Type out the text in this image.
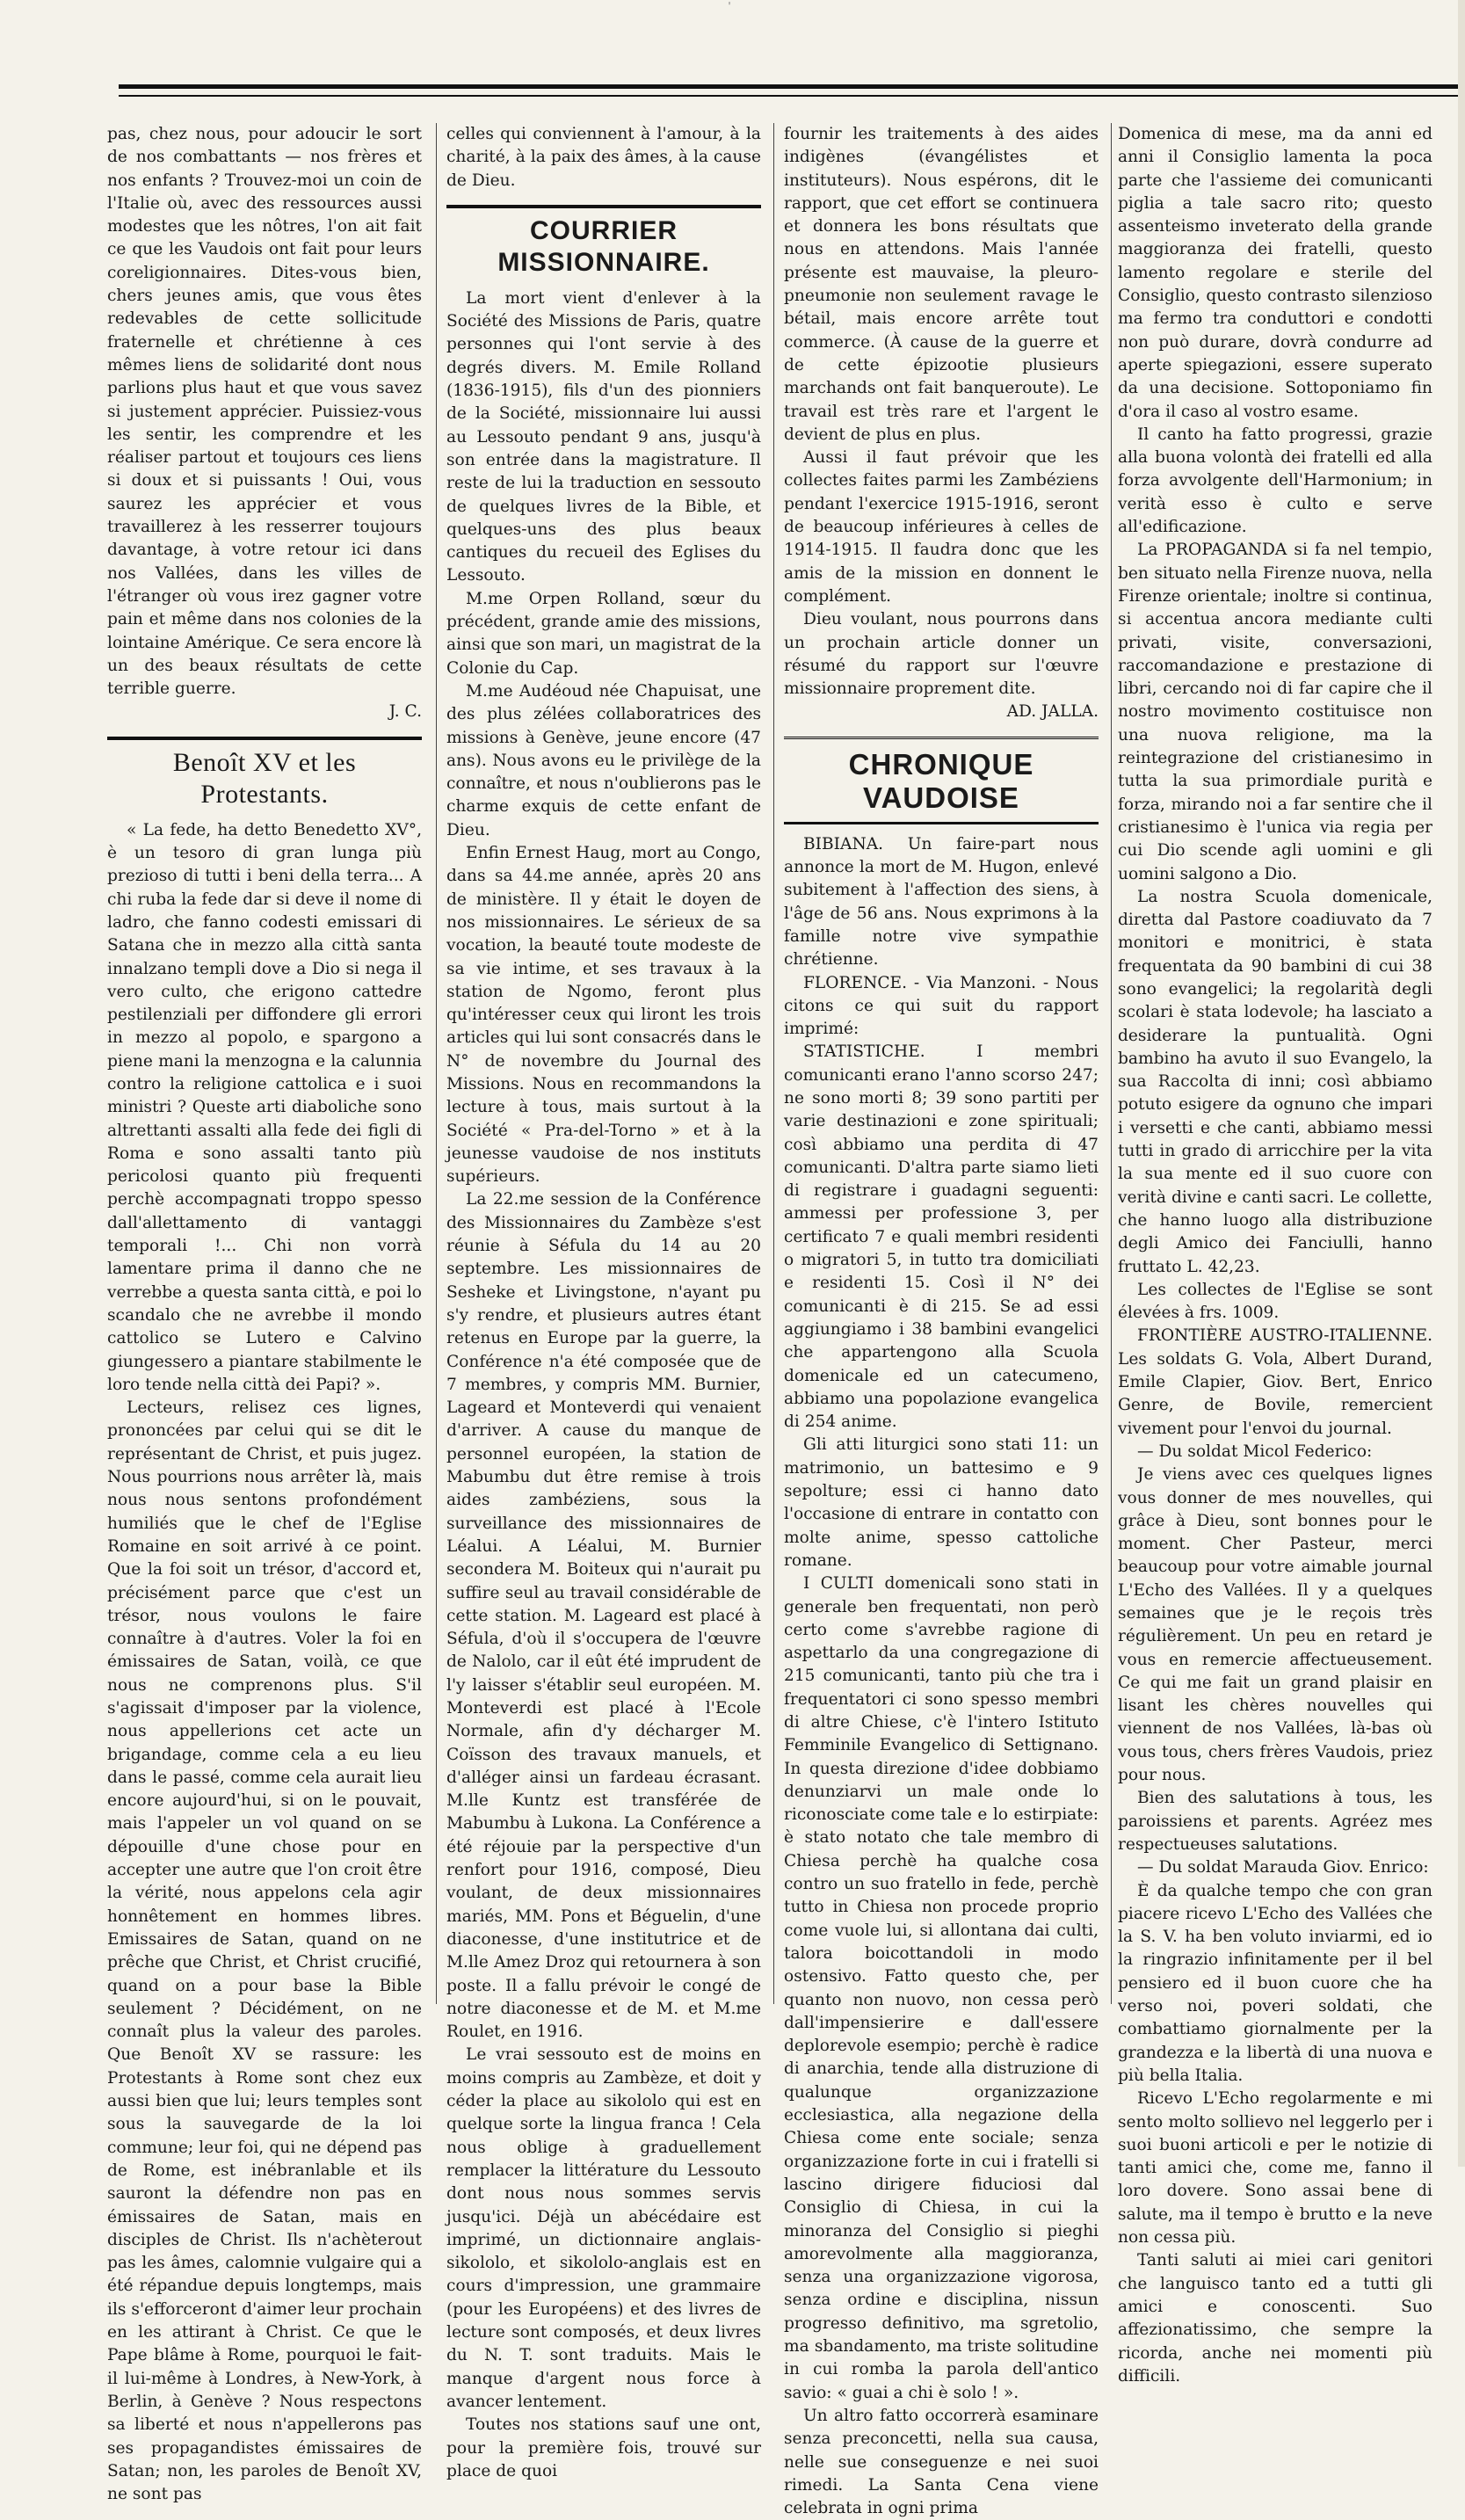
'

pas, chez nous, pour adoucir le sort de nos combattants — nos frères et nos enfants ? Trouvez-moi un coin de l'Italie où, avec des ressources aussi modestes que les nôtres, l'on ait fait ce que les Vaudois ont fait pour leurs coreligionnaires. Dites-vous bien, chers jeunes amis, que vous êtes redevables de cette sollicitude fraternelle et chrétienne à ces mêmes liens de solidarité dont nous parlions plus haut et que vous savez si justement apprécier. Puissiez-vous les sentir, les comprendre et les réaliser partout et toujours ces liens si doux et si puissants ! Oui, vous saurez les apprécier et vous travaillerez à les resserrer toujours davantage, à votre retour ici dans nos Vallées, dans les villes de l'étranger où vous irez gagner votre pain et même dans nos colonies de la lointaine Amérique. Ce sera encore là un des beaux résultats de cette terrible guerre.

J. C.

Benoît XV et les Protestants.

« La fede, ha detto Benedetto XV°, è un tesoro di gran lunga più prezioso di tutti i beni della terra... A chi ruba la fede dar si deve il nome di ladro, che fanno codesti emissari di Satana che in mezzo alla città santa innalzano templi dove a Dio si nega il vero culto, che erigono cattedre pestilenziali per diffondere gli errori in mezzo al popolo, e spargono a piene mani la menzogna e la calunnia contro la religione cattolica e i suoi ministri ? Queste arti diaboliche sono altrettanti assalti alla fede dei figli di Roma e sono assalti tanto più pericolosi quanto più frequenti perchè accompagnati troppo spesso dall'allettamento di vantaggi temporali !... Chi non vorrà lamentare prima il danno che ne verrebbe a questa santa città, e poi lo scandalo che ne avrebbe il mondo cattolico se Lutero e Calvino giungessero a piantare stabilmente le loro tende nella città dei Papi? ».

Lecteurs, relisez ces lignes, prononcées par celui qui se dit le représentant de Christ, et puis jugez. Nous pourrions nous arrêter là, mais nous nous sentons profondément humiliés que le chef de l'Eglise Romaine en soit arrivé à ce point. Que la foi soit un trésor, d'accord et, précisément parce que c'est un trésor, nous voulons le faire connaître à d'autres. Voler la foi en émissaires de Satan, voilà, ce que nous ne comprenons plus. S'il s'agissait d'imposer par la violence, nous appellerions cet acte un brigandage, comme cela a eu lieu dans le passé, comme cela aurait lieu encore aujourd'hui, si on le pouvait, mais l'appeler un vol quand on se dépouille d'une chose pour en accepter une autre que l'on croit être la vérité, nous appelons cela agir honnêtement en hommes libres. Emissaires de Satan, quand on ne prêche que Christ, et Christ crucifié, quand on a pour base la Bible seulement ? Décidément, on ne connaît plus la valeur des paroles. Que Benoît XV se rassure: les Protestants à Rome sont chez eux aussi bien que lui; leurs temples sont sous la sauvegarde de la loi commune; leur foi, qui ne dépend pas de Rome, est inébranlable et ils sauront la défendre non pas en émissaires de Satan, mais en disciples de Christ. Ils n'achèterout pas les âmes, calomnie vulgaire qui a été répandue depuis longtemps, mais ils s'efforceront d'aimer leur prochain en les attirant à Christ. Ce que le Pape blâme à Rome, pourquoi le fait-il lui-même à Londres, à New-York, à Berlin, à Genève ? Nous respectons sa liberté et nous n'appellerons pas ses propagandistes émissaires de Satan; non, les paroles de Benoît XV, ne sont pas

celles qui conviennent à l'amour, à la charité, à la paix des âmes, à la cause de Dieu.

COURRIER MISSIONNAIRE.

La mort vient d'enlever à la Société des Missions de Paris, quatre personnes qui l'ont servie à des degrés divers. M. Emile Rolland (1836-1915), fils d'un des pionniers de la Société, missionnaire lui aussi au Lessouto pendant 9 ans, jusqu'à son entrée dans la magistrature. Il reste de lui la traduction en sessouto de quelques livres de la Bible, et quelques-uns des plus beaux cantiques du recueil des Eglises du Lessouto.

M.me Orpen Rolland, sœur du précédent, grande amie des missions, ainsi que son mari, un magistrat de la Colonie du Cap.

M.me Audéoud née Chapuisat, une des plus zélées collaboratrices des missions à Genève, jeune encore (47 ans). Nous avons eu le privilège de la connaître, et nous n'oublierons pas le charme exquis de cette enfant de Dieu.

Enfin Ernest Haug, mort au Congo, dans sa 44.me année, après 20 ans de ministère. Il y était le doyen de nos missionnaires. Le sérieux de sa vocation, la beauté toute modeste de sa vie intime, et ses travaux à la station de Ngomo, feront plus qu'intéresser ceux qui liront les trois articles qui lui sont consacrés dans le N° de novembre du Journal des Missions. Nous en recommandons la lecture à tous, mais surtout à la Société « Pra-del-Torno » et à la jeunesse vaudoise de nos instituts supérieurs.

La 22.me session de la Conférence des Missionnaires du Zambèze s'est réunie à Séfula du 14 au 20 septembre. Les missionnaires de Sesheke et Livingstone, n'ayant pu s'y rendre, et plusieurs autres étant retenus en Europe par la guerre, la Conférence n'a été composée que de 7 membres, y compris MM. Burnier, Lageard et Monteverdi qui venaient d'arriver. A cause du manque de personnel européen, la station de Mabumbu dut être remise à trois aides zambéziens, sous la surveillance des missionnaires de Léalui. A Léalui, M. Burnier secondera M. Boiteux qui n'aurait pu suffire seul au travail considérable de cette station. M. Lageard est placé à Séfula, d'où il s'occupera de l'œuvre de Nalolo, car il eût été imprudent de l'y laisser s'établir seul européen. M. Monteverdi est placé à l'Ecole Normale, afin d'y décharger M. Coïsson des travaux manuels, et d'alléger ainsi un fardeau écrasant. M.lle Kuntz est transférée de Mabumbu à Lukona. La Conférence a été réjouie par la perspective d'un renfort pour 1916, composé, Dieu voulant, de deux missionnaires mariés, MM. Pons et Béguelin, d'une diaconesse, d'une institutrice et de M.lle Amez Droz qui retournera à son poste. Il a fallu prévoir le congé de notre diaconesse et de M. et M.me Roulet, en 1916.

Le vrai sessouto est de moins en moins compris au Zambèze, et doit y céder la place au sikololo qui est en quelque sorte la lingua franca ! Cela nous oblige à graduellement remplacer la littérature du Lessouto dont nous nous sommes servis jusqu'ici. Déjà un abécédaire est imprimé, un dictionnaire anglais-sikololo, et sikololo-anglais est en cours d'impression, une grammaire (pour les Européens) et des livres de lecture sont composés, et deux livres du N. T. sont traduits. Mais le manque d'argent nous force à avancer lentement.

Toutes nos stations sauf une ont, pour la première fois, trouvé sur place de quoi

fournir les traitements à des aides indigènes (évangélistes et instituteurs). Nous espérons, dit le rapport, que cet effort se continuera et donnera les bons résultats que nous en attendons. Mais l'année présente est mauvaise, la pleuro-pneumonie non seulement ravage le bétail, mais encore arrête tout commerce. (À cause de la guerre et de cette épizootie plusieurs marchands ont fait banqueroute). Le travail est très rare et l'argent le devient de plus en plus.

Aussi il faut prévoir que les collectes faites parmi les Zambéziens pendant l'exercice 1915-1916, seront de beaucoup inférieures à celles de 1914-1915. Il faudra donc que les amis de la mission en donnent le complément.

Dieu voulant, nous pourrons dans un prochain article donner un résumé du rapport sur l'œuvre missionnaire proprement dite.

AD. JALLA.

CHRONIQUE VAUDOISE

BIBIANA. Un faire-part nous annonce la mort de M. Hugon, enlevé subitement à l'affection des siens, à l'âge de 56 ans. Nous exprimons à la famille notre vive sympathie chrétienne.

FLORENCE. - Via Manzoni. - Nous citons ce qui suit du rapport imprimé:

STATISTICHE. I membri comunicanti erano l'anno scorso 247; ne sono morti 8; 39 sono partiti per varie destinazioni e zone spirituali; così abbiamo una perdita di 47 comunicanti. D'altra parte siamo lieti di registrare i guadagni seguenti: ammessi per professione 3, per certificato 7 e quali membri residenti o migratori 5, in tutto tra domiciliati e residenti 15. Così il N° dei comunicanti è di 215. Se ad essi aggiungiamo i 38 bambini evangelici che appartengono alla Scuola domenicale ed un catecumeno, abbiamo una popolazione evangelica di 254 anime.

Gli atti liturgici sono stati 11: un matrimonio, un battesimo e 9 sepolture; essi ci hanno dato l'occasione di entrare in contatto con molte anime, spesso cattoliche romane.

I CULTI domenicali sono stati in generale ben frequentati, non però certo come s'avrebbe ragione di aspettarlo da una congregazione di 215 comunicanti, tanto più che tra i frequentatori ci sono spesso membri di altre Chiese, c'è l'intero Istituto Femminile Evangelico di Settignano. In questa direzione d'idee dobbiamo denunziarvi un male onde lo riconosciate come tale e lo estirpiate: è stato notato che tale membro di Chiesa perchè ha qualche cosa contro un suo fratello in fede, perchè tutto in Chiesa non procede proprio come vuole lui, si allontana dai culti, talora boicottandoli in modo ostensivo. Fatto questo che, per quanto non nuovo, non cessa però dall'impensierire e dall'essere deplorevole esempio; perchè è radice di anarchia, tende alla distruzione di qualunque organizzazione ecclesiastica, alla negazione della Chiesa come ente sociale; senza organizzazione forte in cui i fratelli si lascino dirigere fiduciosi dal Consiglio di Chiesa, in cui la minoranza del Consiglio si pieghi amorevolmente alla maggioranza, senza una organizzazione vigorosa, senza ordine e disciplina, nissun progresso definitivo, ma sgretolio, ma sbandamento, ma triste solitudine in cui romba la parola dell'antico savio: « guai a chi è solo ! ».

Un altro fatto occorrerà esaminare senza preconcetti, nella sua causa, nelle sue conseguenze e nei suoi rimedi. La Santa Cena viene celebrata in ogni prima

Domenica di mese, ma da anni ed anni il Consiglio lamenta la poca parte che l'assieme dei comunicanti piglia a tale sacro rito; questo assenteismo inveterato della grande maggioranza dei fratelli, questo lamento regolare e sterile del Consiglio, questo contrasto silenzioso ma fermo tra conduttori e condotti non può durare, dovrà condurre ad aperte spiegazioni, essere superato da una decisione. Sottoponiamo fin d'ora il caso al vostro esame.

Il canto ha fatto progressi, grazie alla buona volontà dei fratelli ed alla forza avvolgente dell'Harmonium; in verità esso è culto e serve all'edificazione.

La PROPAGANDA si fa nel tempio, ben situato nella Firenze nuova, nella Firenze orientale; inoltre si continua, si accentua ancora mediante culti privati, visite, conversazioni, raccomandazione e prestazione di libri, cercando noi di far capire che il nostro movimento costituisce non una nuova religione, ma la reintegrazione del cristianesimo in tutta la sua primordiale purità e forza, mirando noi a far sentire che il cristianesimo è l'unica via regia per cui Dio scende agli uomini e gli uomini salgono a Dio.

La nostra Scuola domenicale, diretta dal Pastore coadiuvato da 7 monitori e monitrici, è stata frequentata da 90 bambini di cui 38 sono evangelici; la regolarità degli scolari è stata lodevole; ha lasciato a desiderare la puntualità. Ogni bambino ha avuto il suo Evangelo, la sua Raccolta di inni; così abbiamo potuto esigere da ognuno che impari i versetti e che canti, abbiamo messi tutti in grado di arricchire per la vita la sua mente ed il suo cuore con verità divine e canti sacri. Le collette, che hanno luogo alla distribuzione degli Amico dei Fanciulli, hanno fruttato L. 42,23.

Les collectes de l'Eglise se sont élevées à frs. 1009.

FRONTIÈRE AUSTRO-ITALIENNE. Les soldats G. Vola, Albert Durand, Emile Clapier, Giov. Bert, Enrico Genre, de Bovile, remercient vivement pour l'envoi du journal.

— Du soldat Micol Federico:

Je viens avec ces quelques lignes vous donner de mes nouvelles, qui grâce à Dieu, sont bonnes pour le moment. Cher Pasteur, merci beaucoup pour votre aimable journal L'Echo des Vallées. Il y a quelques semaines que je le reçois très régulièrement. Un peu en retard je vous en remercie affectueusement. Ce qui me fait un grand plaisir en lisant les chères nouvelles qui viennent de nos Vallées, là-bas où vous tous, chers frères Vaudois, priez pour nous.

Bien des salutations à tous, les paroissiens et parents. Agréez mes respectueuses salutations.

— Du soldat Marauda Giov. Enrico:

È da qualche tempo che con gran piacere ricevo L'Echo des Vallées che la S. V. ha ben voluto inviarmi, ed io la ringrazio infinitamente per il bel pensiero ed il buon cuore che ha verso noi, poveri soldati, che combattiamo giornalmente per la grandezza e la libertà di una nuova e più bella Italia.

Ricevo L'Echo regolarmente e mi sento molto sollievo nel leggerlo per i suoi buoni articoli e per le notizie di tanti amici che, come me, fanno il loro dovere. Sono assai bene di salute, ma il tempo è brutto e la neve non cessa più.

Tanti saluti ai miei cari genitori che languisco tanto ed a tutti gli amici e conoscenti. Suo affezionatissimo, che sempre la ricorda, anche nei momenti più difficili.
